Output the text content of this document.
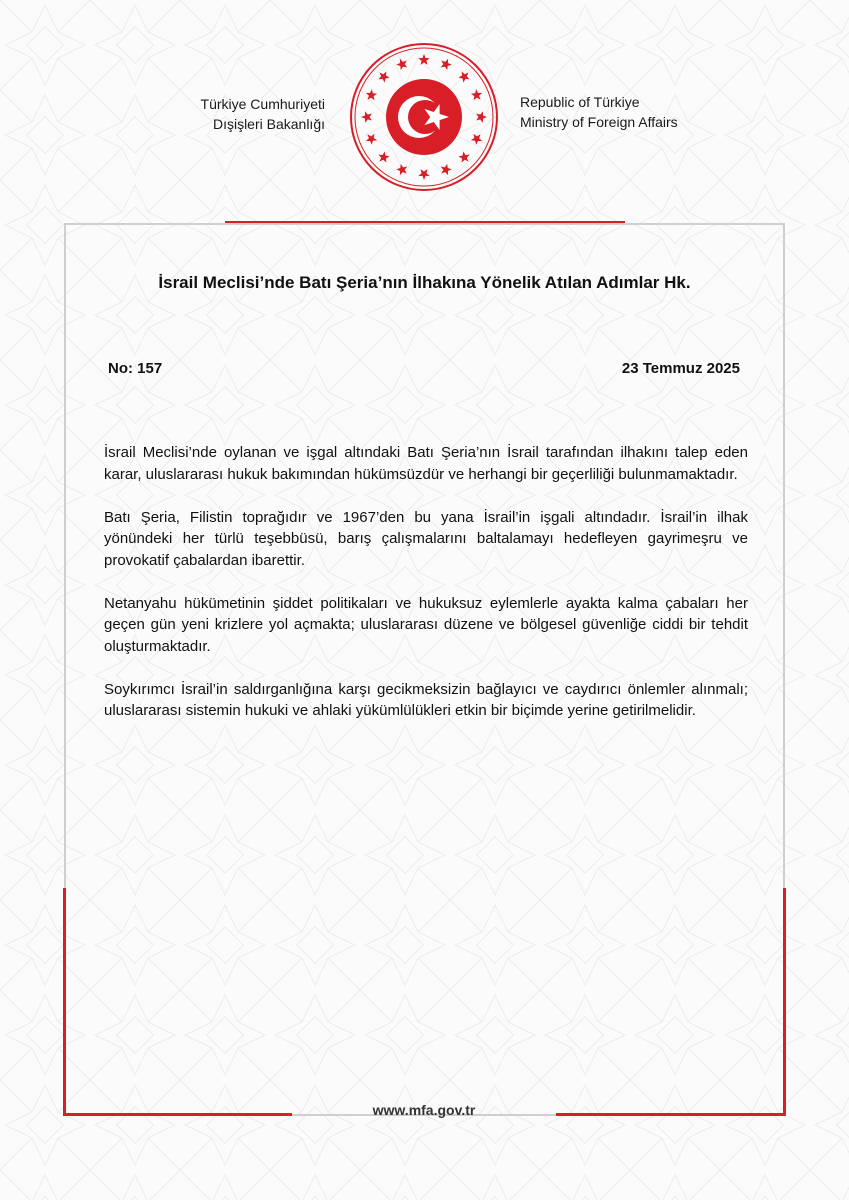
Türkiye Cumhuriyeti
Dışişleri Bakanlığı
Republic of Türkiye
Ministry of Foreign Affairs
İsrail Meclisi’nde Batı Şeria’nın İlhakına Yönelik Atılan Adımlar Hk.
No: 157	23 Temmuz 2025

İsrail Meclisi’nde oylanan ve işgal altındaki Batı Şeria’nın İsrail tarafından ilhakını talep eden karar, uluslararası hukuk bakımından hükümsüzdür ve herhangi bir geçerliliği bulunmamaktadır.

Batı Şeria, Filistin toprağıdır ve 1967’den bu yana İsrail’in işgali altındadır. İsrail’in ilhak yönündeki her türlü teşebbüsü, barış çalışmalarını baltalamayı hedefleyen gayrimeşru ve provokatif çabalardan ibarettir.

Netanyahu hükümetinin şiddet politikaları ve hukuksuz eylemlerle ayakta kalma çabaları her geçen gün yeni krizlere yol açmakta; uluslararası düzene ve bölgesel güvenliğe ciddi bir tehdit oluşturmaktadır.

Soykırımcı İsrail’in saldırganlığına karşı gecikmeksizin bağlayıcı ve caydırıcı önlemler alınmalı; uluslararası sistemin hukuki ve ahlaki yükümlülükleri etkin bir biçimde yerine getirilmelidir.

www.mfa.gov.tr
